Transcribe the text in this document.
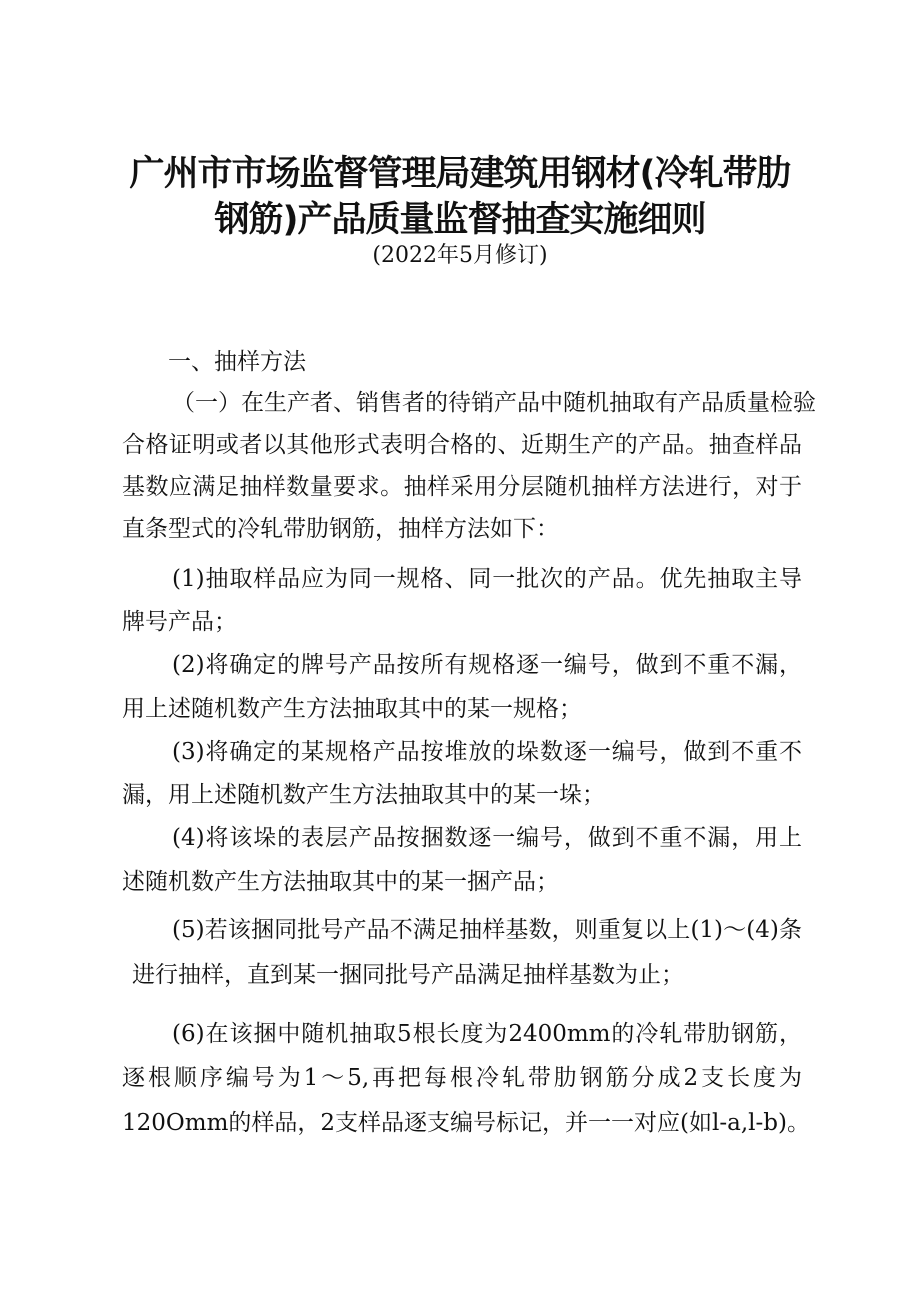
广州市市场监督管理局建筑用钢材(冷轧带肋
钢筋)产品质量监督抽查实施细则
(2022年5月修订)
一、抽样方法
（一）在生产者、销售者的待销产品中随机抽取有产品质量检验
合格证明或者以其他形式表明合格的、近期生产的产品。抽查样品
基数应满足抽样数量要求。抽样采用分层随机抽样方法进行，对于
直条型式的冷轧带肋钢筋，抽样方法如下：
(1)抽取样品应为同一规格、同一批次的产品。优先抽取主导
牌号产品；
(2)将确定的牌号产品按所有规格逐一编号，做到不重不漏，
用上述随机数产生方法抽取其中的某一规格；
(3)将确定的某规格产品按堆放的垛数逐一编号，做到不重不
漏，用上述随机数产生方法抽取其中的某一垛；
(4)将该垛的表层产品按捆数逐一编号，做到不重不漏，用上
述随机数产生方法抽取其中的某一捆产品；
(5)若该捆同批号产品不满足抽样基数，则重复以上(1)～(4)条
进行抽样，直到某一捆同批号产品满足抽样基数为止；
(6)在该捆中随机抽取5根长度为2400mm的冷轧带肋钢筋，
逐根顺序编号为1～5,再把每根冷轧带肋钢筋分成2支长度为
120Omm的样品，2支样品逐支编号标记，并一一对应(如l-a,l-b)。
